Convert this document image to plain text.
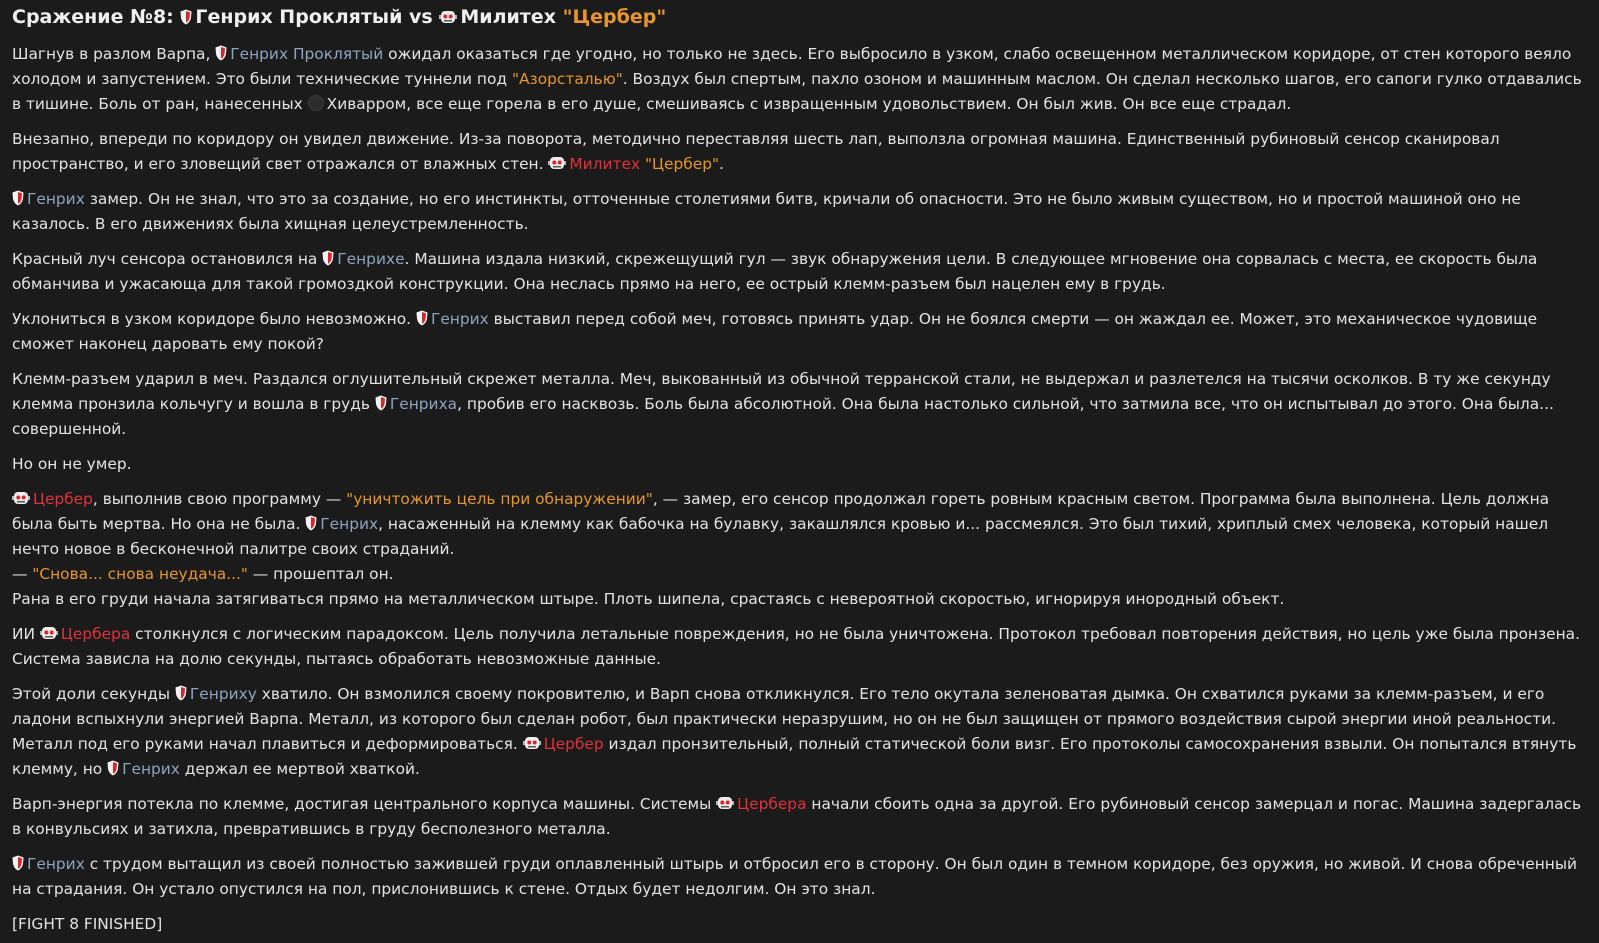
Сражение №8: Генрих Проклятый vs Милитех "Цербер"
Шагнув в разлом Варпа,
Генрих Проклятый ожидал оказаться где угодно, но только не здесь. Его выбросило в узком, слабо освещенном металлическом коридоре, от стен которого веяло холодом и запустением. Это были технические туннели под "Азорсталью". Воздух был спертым, пахло озоном и машинным маслом. Он сделал несколько шагов, его сапоги гулко отдавались в тишине. Боль от ран, нанесенных
Хиварром, все еще горела в его душе, смешиваясь с извращенным удовольствием. Он был жив. Он все еще страдал.
Внезапно, впереди по коридору он увидел движение. Из-за поворота, методично переставляя шесть лап, выползла огромная машина. Единственный рубиновый сенсор сканировал пространство, и его зловещий свет отражался от влажных стен.
Милитех "Цербер".
Генрих замер. Он не знал, что это за создание, но его инстинкты, отточенные столетиями битв, кричали об опасности. Это не было живым существом, но и простой машиной оно не казалось. В его движениях была хищная целеустремленность.
Красный луч сенсора остановился на
Генрихе. Машина издала низкий, скрежещущий гул — звук обнаружения цели. В следующее мгновение она сорвалась с места, ее скорость была обманчива и ужасающа для такой громоздкой конструкции. Она неслась прямо на него, ее острый клемм-разъем был нацелен ему в грудь.
Уклониться в узком коридоре было невозможно.
Генрих выставил перед собой меч, готовясь принять удар. Он не боялся смерти — он жаждал ее. Может, это механическое чудовище сможет наконец даровать ему покой?
Клемм-разъем ударил в меч. Раздался оглушительный скрежет металла. Меч, выкованный из обычной терранской стали, не выдержал и разлетелся на тысячи осколков. В ту же секунду клемма пронзила кольчугу и вошла в грудь
Генриха, пробив его насквозь. Боль была абсолютной. Она была настолько сильной, что затмила все, что он испытывал до этого. Она была... совершенной.
Но он не умер.
Цербер, выполнив свою программу — "уничтожить цель при обнаружении", — замер, его сенсор продолжал гореть ровным красным светом. Программа была выполнена. Цель должна была быть мертва. Но она не была.
Генрих, насаженный на клемму как бабочка на булавку, закашлялся кровью и... рассмеялся. Это был тихий, хриплый смех человека, который нашел нечто новое в бесконечной палитре своих страданий.
— "Снова... снова неудача..." — прошептал он.
Рана в его груди начала затягиваться прямо на металлическом штыре. Плоть шипела, срастаясь с невероятной скоростью, игнорируя инородный объект.
ИИ
Цербера столкнулся с логическим парадоксом. Цель получила летальные повреждения, но не была уничтожена. Протокол требовал повторения действия, но цель уже была пронзена. Система зависла на долю секунды, пытаясь обработать невозможные данные.
Этой доли секунды
Генриху хватило. Он взмолился своему покровителю, и Варп снова откликнулся. Его тело окутала зеленоватая дымка. Он схватился руками за клемм-разъем, и его ладони вспыхнули энергией Варпа. Металл, из которого был сделан робот, был практически неразрушим, но он не был защищен от прямого воздействия сырой энергии иной реальности. Металл под его руками начал плавиться и деформироваться.
Цербер издал пронзительный, полный статической боли визг. Его протоколы самосохранения взвыли. Он попытался втянуть клемму, но
Генрих держал ее мертвой хваткой.
Варп-энергия потекла по клемме, достигая центрального корпуса машины. Системы
Цербера начали сбоить одна за другой. Его рубиновый сенсор замерцал и погас. Машина задергалась в конвульсиях и затихла, превратившись в груду бесполезного металла.
Генрих с трудом вытащил из своей полностью зажившей груди оплавленный штырь и отбросил его в сторону. Он был один в темном коридоре, без оружия, но живой. И снова обреченный на страдания. Он устало опустился на пол, прислонившись к стене. Отдых будет недолгим. Он это знал.
[FIGHT 8 FINISHED]
